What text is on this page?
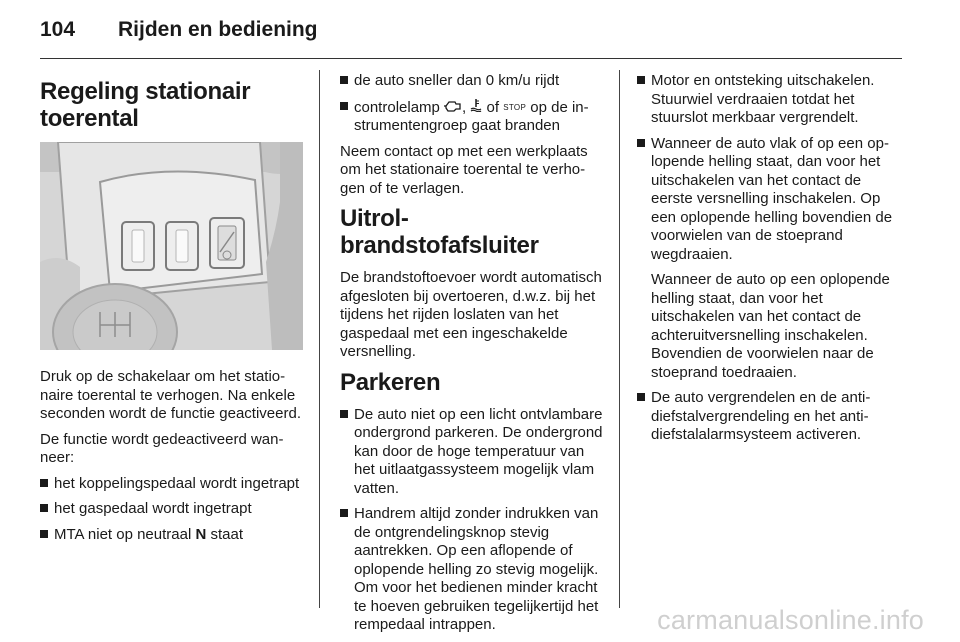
104	Rijden en bediening
Regeling stationair toerental

Druk op de schakelaar om het stationaire toerental te verhogen. Na enkele seconden wordt de functie geactiveerd.

De functie wordt gedeactiveerd wanneer:

het koppelingspedaal wordt ingetrapt
het gaspedaal wordt ingetrapt
MTA niet op neutraal N staat
de auto sneller dan 0 km/u rijdt
controlelamp ,  of STOP op de instrumentengroep gaat branden

Neem contact op met een werkplaats om het stationaire toerental te verhogen of te verlagen.

Uitrol-brandstofafsluiter

De brandstoftoevoer wordt automatisch afgesloten bij overtoeren, d.w.z. bij het tijdens het rijden loslaten van het gaspedaal met een ingeschakelde versnelling.

Parkeren
De auto niet op een licht ontvlambare ondergrond parkeren. De ondergrond kan door de hoge temperatuur van het uitlaatgassysteem mogelijk vlam vatten.
Handrem altijd zonder indrukken van de ontgrendelingsknop stevig aantrekken. Op een aflopende of oplopende helling zo stevig mogelijk. Om voor het bedienen minder kracht te hoeven gebruiken tegelijkertijd het rempedaal intrappen.
Motor en ontsteking uitschakelen. Stuurwiel verdraaien totdat het stuurslot merkbaar vergrendelt.
Wanneer de auto vlak of op een oplopende helling staat, dan voor het uitschakelen van het contact de eerste versnelling inschakelen. Op een oplopende helling bovendien de voorwielen van de stoeprand wegdraaien.

Wanneer de auto op een oplopende helling staat, dan voor het uitschakelen van het contact de achteruitversnelling inschakelen. Bovendien de voorwielen naar de stoeprand toedraaien.

De auto vergrendelen en de anti-diefstalvergrendeling en het anti-diefstalalarmsysteem activeren.
carmanualsonline.info
